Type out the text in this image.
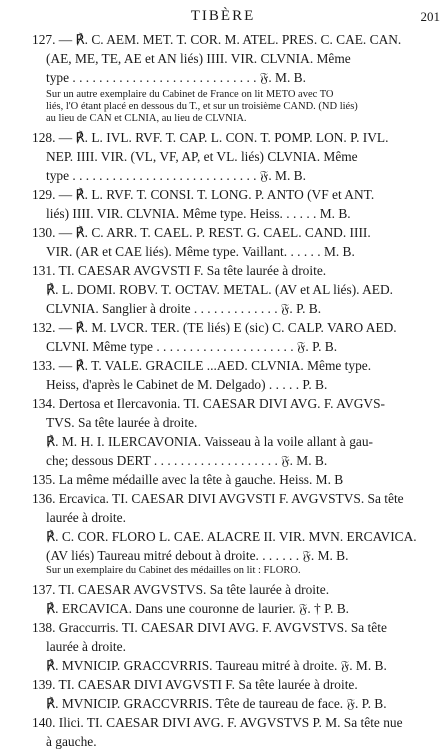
TIBÈRE	201

127. — ℟. C. AEM. MET. T. COR. M. ATEL. PRES. C. CAE. CAN.

(AE, ME, TE, AE et AN liés) IIII. VIR. CLVNIA. Même

type . . . . . . . . . . . . . . . . . . . . . . . . . . . . 𝔉. M. B.

Sur un autre exemplaire du Cabinet de France on lit METO avec TO

liés, l'O étant placé en dessous du T., et sur un troisième CAND. (ND liés)

au lieu de CAN et CLNIA, au lieu de CLVNIA.

128. — ℟. L. IVL. RVF. T. CAP. L. CON. T. POMP. LON. P. IVL.

NEP. IIII. VIR. (VL, VF, AP, et VL. liés) CLVNIA. Même

type . . . . . . . . . . . . . . . . . . . . . . . . . . . . 𝔉. M. B.

129. — ℟. L. RVF. T. CONSI. T. LONG. P. ANTO (VF et ANT.

liés) IIII. VIR. CLVNIA. Même type. Heiss. . . . . . M. B.

130. — ℟. C. ARR. T. CAEL. P. REST. G. CAEL. CAND. IIII.

VIR. (AR et CAE liés). Même type. Vaillant. . . . . . M. B.

131. TI. CAESAR AVGVSTI F. Sa tête laurée à droite.

℟. L. DOMI. ROBV. T. OCTAV. METAL. (AV et AL liés). AED.

CLVNIA. Sanglier à droite . . . . . . . . . . . . . 𝔉. P. B.

132. — ℟. M. LVCR. TER. (TE liés) E (sic) C. CALP. VARO AED.

CLVNI. Même type . . . . . . . . . . . . . . . . . . . . . 𝔉. P. B.

133. — ℟. T. VALE. GRACILE ...AED. CLVNIA. Même type.

Heiss, d'après le Cabinet de M. Delgado) . . . . . P. B.

134. Dertosa et Ilercavonia. TI. CAESAR DIVI AVG. F. AVGVS-

TVS. Sa tête laurée à droite.

℟. M. H. I. ILERCAVONIA. Vaisseau à la voile allant à gau-

che; dessous DERT . . . . . . . . . . . . . . . . . . . 𝔉. M. B.

135. La même médaille avec la tête à gauche. Heiss. M. B

136. Ercavica. TI. CAESAR DIVI AVGVSTI F. AVGVSTVS. Sa tête

laurée à droite.

℟. C. COR. FLORO L. CAE. ALACRE II. VIR. MVN. ERCAVICA.

(AV liés) Taureau mitré debout à droite. . . . . . . 𝔉. M. B.

Sur un exemplaire du Cabinet des médailles on lit : FLORO.

137. TI. CAESAR AVGVSTVS. Sa tête laurée à droite.

℟. ERCAVICA. Dans une couronne de laurier. 𝔉. † P. B.

138. Graccurris. TI. CAESAR DIVI AVG. F. AVGVSTVS. Sa tête

laurée à droite.

℟. MVNICIP. GRACCVRRIS. Taureau mitré à droite. 𝔉. M. B.

139. TI. CAESAR DIVI AVGVSTI F. Sa tête laurée à droite.

℟. MVNICIP. GRACCVRRIS. Tête de taureau de face. 𝔉. P. B.

140. Ilici. TI. CAESAR DIVI AVG. F. AVGVSTVS P. M. Sa tête nue

à gauche.
